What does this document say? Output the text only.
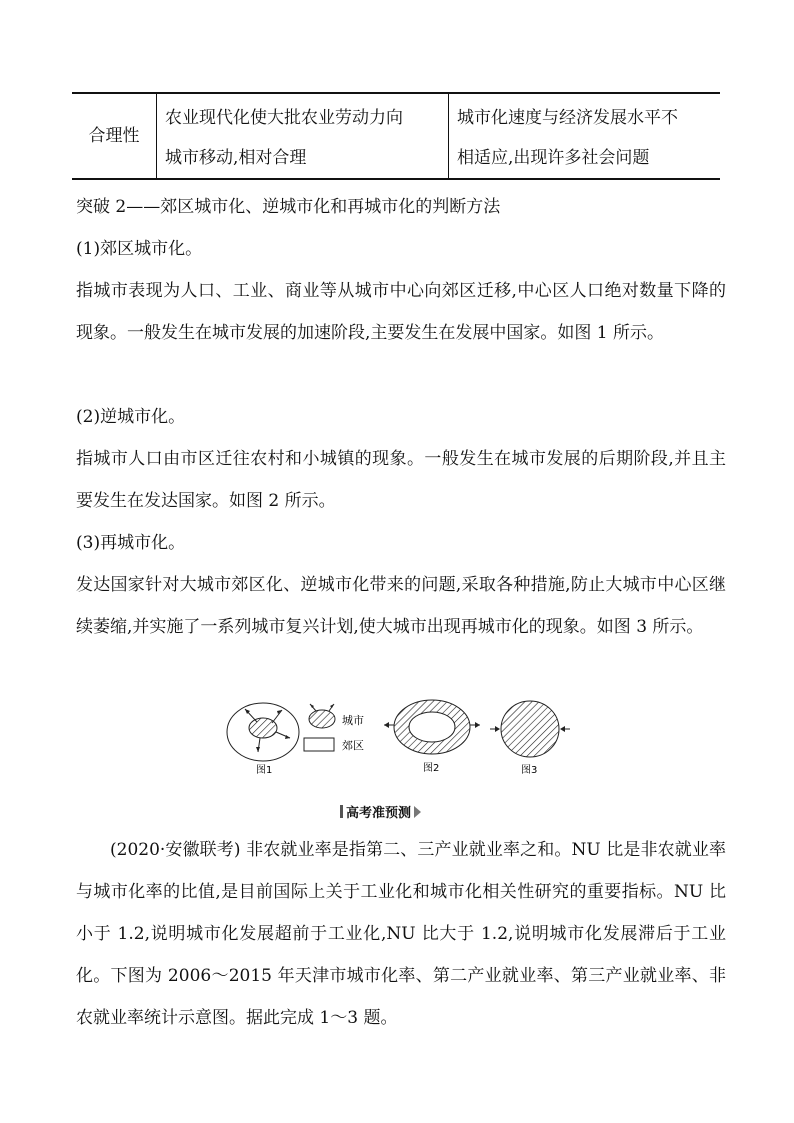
合理性
农业现代化使大批农业劳动力向
城市移动,相对合理
城市化速度与经济发展水平不
相适应,出现许多社会问题

突破 2——郊区城市化、逆城市化和再城市化的判断方法

(1)郊区城市化。

指城市表现为人口、工业、商业等从城市中心向郊区迁移,中心区人口绝对数量下降的现象。一般发生在城市发展的加速阶段,主要发生在发展中国家。如图 1 所示。

(2)逆城市化。

指城市人口由市区迁往农村和小城镇的现象。一般发生在城市发展的后期阶段,并且主要发生在发达国家。如图 2 所示。

(3)再城市化。

发达国家针对大城市郊区化、逆城市化带来的问题,采取各种措施,防止大城市中心区继续萎缩,并实施了一系列城市复兴计划,使大城市出现再城市化的现象。如图 3 所示。

城市
郊区
图1	图2	图3
高考准预测

(2020·安徽联考) 非农就业率是指第二、三产业就业率之和。NU 比是非农就业率与城市化率的比值,是目前国际上关于工业化和城市化相关性研究的重要指标。NU 比小于 1.2,说明城市化发展超前于工业化,NU 比大于 1.2,说明城市化发展滞后于工业化。下图为 2006～2015 年天津市城市化率、第二产业就业率、第三产业就业率、非农就业率统计示意图。据此完成 1～3 题。
